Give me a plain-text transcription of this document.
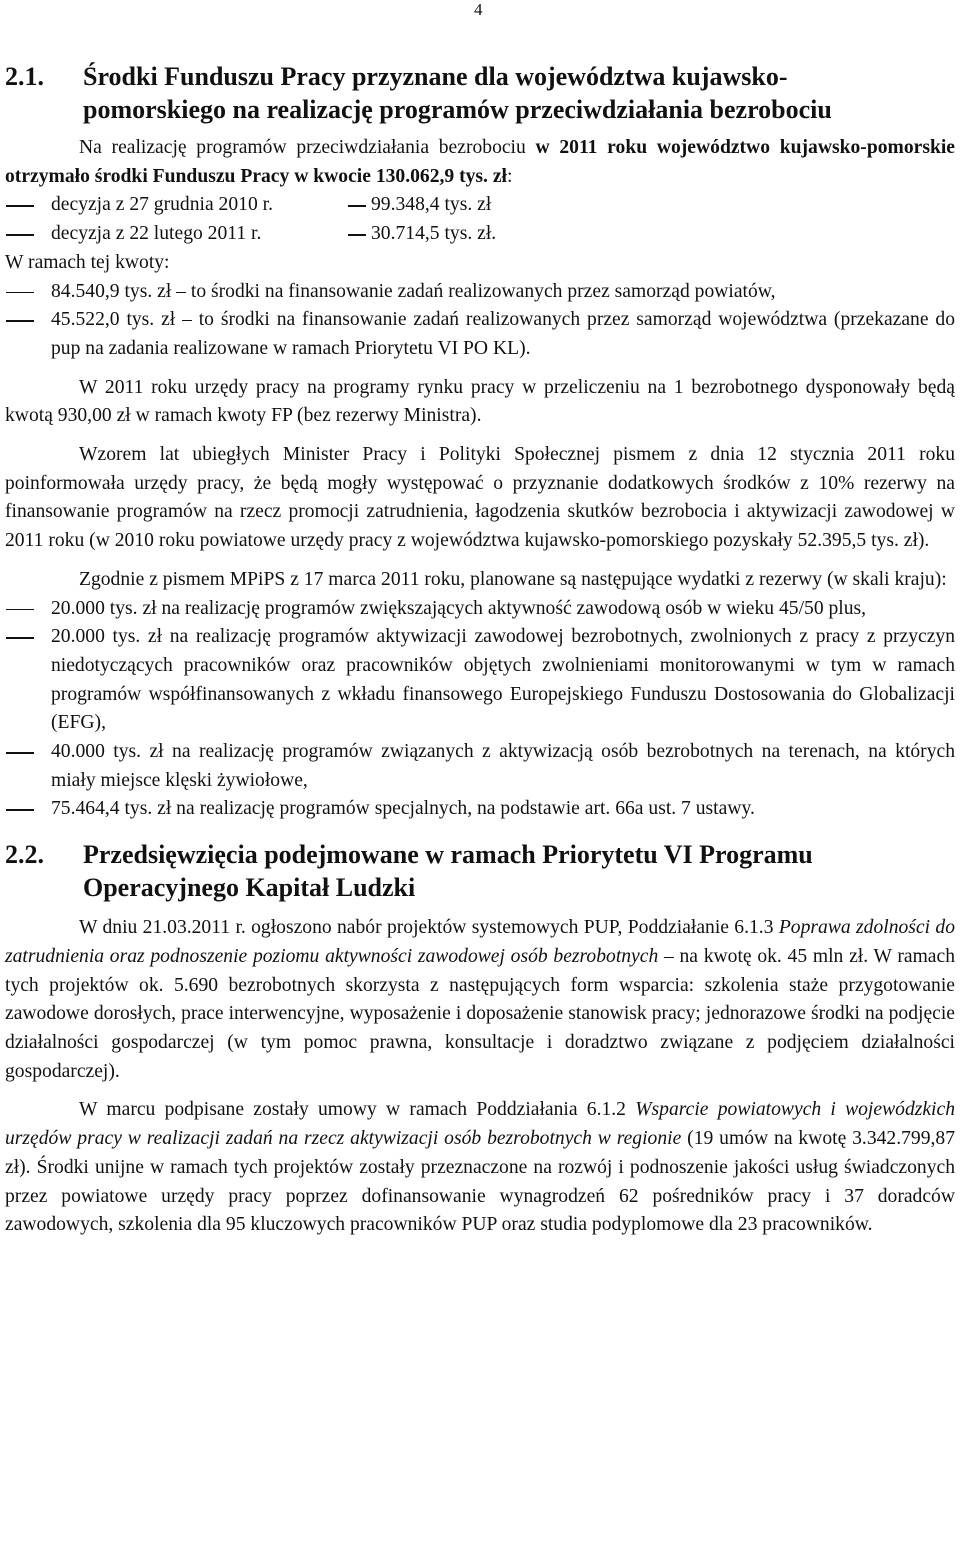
4
2.1. Środki Funduszu Pracy przyznane dla województwa kujawsko-
pomorskiego na realizację programów przeciwdziałania bezrobociu

Na realizację programów przeciwdziałania bezrobociu w 2011 roku województwo kujawsko-pomorskie otrzymało środki Funduszu Pracy w kwocie 130.062,9 tys. zł:

decyzja z 27 grudnia 2010 r.	99.348,4 tys. zł
decyzja z 22 lutego 2011 r.	30.714,5 tys. zł.

W ramach tej kwoty:

84.540,9 tys. zł – to środki na finansowanie zadań realizowanych przez samorząd powiatów,
45.522,0 tys. zł – to środki na finansowanie zadań realizowanych przez samorząd województwa (przekazane do pup na zadania realizowane w ramach Priorytetu VI PO KL).

W 2011 roku urzędy pracy na programy rynku pracy w przeliczeniu na 1 bezrobotnego dysponowały będą kwotą 930,00 zł w ramach kwoty FP (bez rezerwy Ministra).

Wzorem lat ubiegłych Minister Pracy i Polityki Społecznej pismem z dnia 12 stycznia 2011 roku poinformowała urzędy pracy, że będą mogły występować o przyznanie dodatkowych środków z 10% rezerwy na finansowanie programów na rzecz promocji zatrudnienia, łagodzenia skutków bezrobocia i aktywizacji zawodowej w 2011 roku (w 2010 roku powiatowe urzędy pracy z województwa kujawsko-pomorskiego pozyskały 52.395,5 tys. zł).

Zgodnie z pismem MPiPS z 17 marca 2011 roku, planowane są następujące wydatki z rezerwy (w skali kraju):

20.000 tys. zł na realizację programów zwiększających aktywność zawodową osób w wieku 45/50 plus,
20.000 tys. zł na realizację programów aktywizacji zawodowej bezrobotnych, zwolnionych z pracy z przyczyn niedotyczących pracowników oraz pracowników objętych zwolnieniami monitorowanymi w tym w ramach programów współfinansowanych z wkładu finansowego Europejskiego Funduszu Dostosowania do Globalizacji (EFG),
40.000 tys. zł na realizację programów związanych z aktywizacją osób bezrobotnych na terenach, na których miały miejsce klęski żywiołowe,
75.464,4 tys. zł na realizację programów specjalnych, na podstawie art. 66a ust. 7 ustawy.
2.2. Przedsięwzięcia podejmowane w ramach Priorytetu VI Programu
Operacyjnego Kapitał Ludzki

W dniu 21.03.2011 r. ogłoszono nabór projektów systemowych PUP, Poddziałanie 6.1.3 Poprawa zdolności do zatrudnienia oraz podnoszenie poziomu aktywności zawodowej osób bezrobotnych – na kwotę ok. 45 mln zł. W ramach tych projektów ok. 5.690 bezrobotnych skorzysta z następujących form wsparcia: szkolenia staże przygotowanie zawodowe dorosłych, prace interwencyjne, wyposażenie i doposażenie stanowisk pracy; jednorazowe środki na podjęcie działalności gospodarczej (w tym pomoc prawna, konsultacje i doradztwo związane z podjęciem działalności gospodarczej).

W marcu podpisane zostały umowy w ramach Poddziałania 6.1.2 Wsparcie powiatowych i wojewódzkich urzędów pracy w realizacji zadań na rzecz aktywizacji osób bezrobotnych w regionie (19 umów na kwotę 3.342.799,87 zł). Środki unijne w ramach tych projektów zostały przeznaczone na rozwój i podnoszenie jakości usług świadczonych przez powiatowe urzędy pracy poprzez dofinansowanie wynagrodzeń 62 pośredników pracy i 37 doradców zawodowych, szkolenia dla 95 kluczowych pracowników PUP oraz studia podyplomowe dla 23 pracowników.
